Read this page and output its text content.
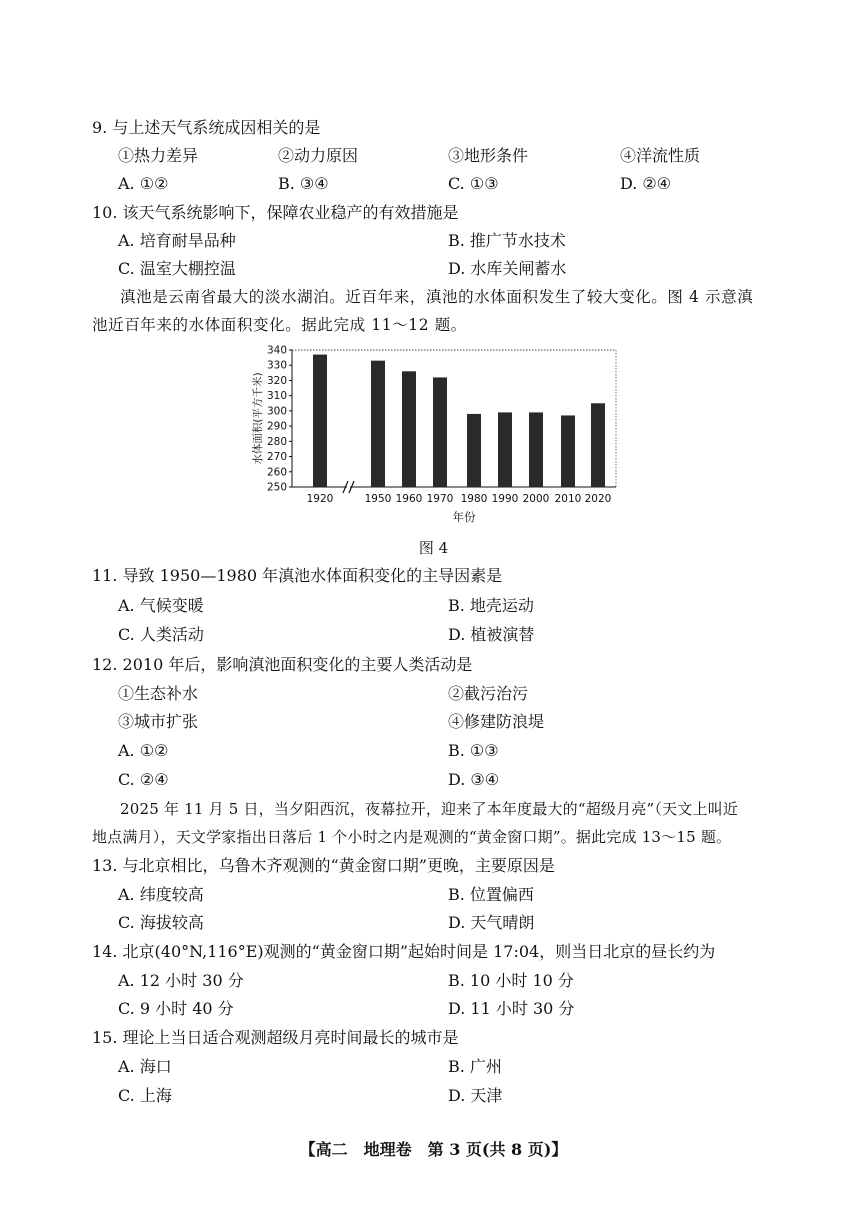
9. 与上述天气系统成因相关的是
①热力差异	②动力原因	③地形条件	④洋流性质
A. ①②	B. ③④	C. ①③	D. ②④
10. 该天气系统影响下，保障农业稳产的有效措施是
A. 培育耐旱品种	B. 推广节水技术
C. 温室大棚控温	D. 水库关闸蓄水
滇池是云南省最大的淡水湖泊。近百年来，滇池的水体面积发生了较大变化。图 4 示意滇
池近百年来的水体面积变化。据此完成 11～12 题。
250
260
270
280
290
300
310
320
330
340
1920	1950 1960 1970 1980 1990 2000 2010 2020
年份
水体面积(平方千米)
图 4
11. 导致 1950—1980 年滇池水体面积变化的主导因素是
A. 气候变暖	B. 地壳运动
C. 人类活动	D. 植被演替
12. 2010 年后，影响滇池面积变化的主要人类活动是
①生态补水	②截污治污
③城市扩张	④修建防浪堤
A. ①②	B. ①③
C. ②④	D. ③④
2025 年 11 月 5 日，当夕阳西沉，夜幕拉开，迎来了本年度最大的“超级月亮”（天文上叫近
地点满月），天文学家指出日落后 1 个小时之内是观测的“黄金窗口期”。据此完成 13～15 题。
13. 与北京相比，乌鲁木齐观测的“黄金窗口期”更晚，主要原因是
A. 纬度较高	B. 位置偏西
C. 海拔较高	D. 天气晴朗
14. 北京(40°N,116°E)观测的“黄金窗口期”起始时间是 17:04，则当日北京的昼长约为
A. 12 小时 30 分	B. 10 小时 10 分
C. 9 小时 40 分	D. 11 小时 30 分
15. 理论上当日适合观测超级月亮时间最长的城市是
A. 海口	B. 广州
C. 上海	D. 天津
【高二　地理卷　第 3 页(共 8 页)】
